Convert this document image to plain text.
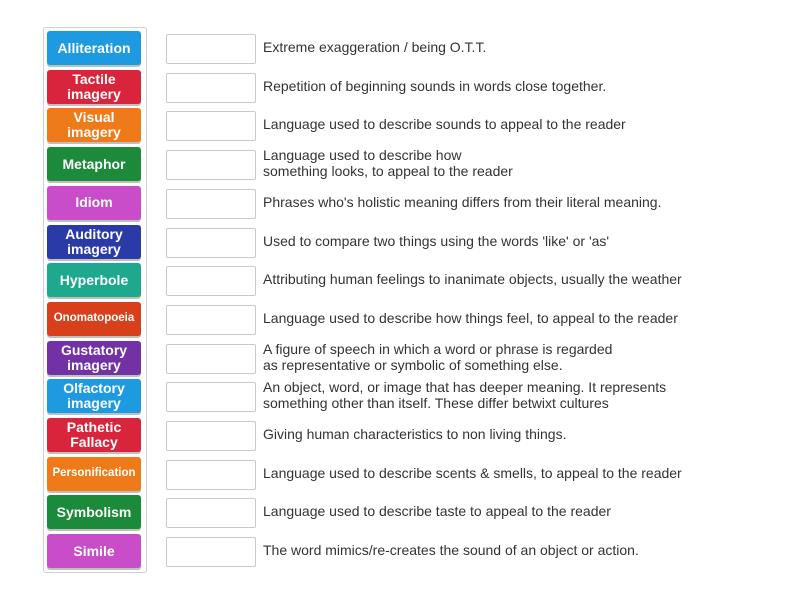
Alliteration
Tactile imagery
Visual imagery
Metaphor
Idiom
Auditory imagery
Hyperbole
Onomatopoeia
Gustatory imagery
Olfactory imagery
Pathetic Fallacy
Personification
Symbolism
Simile
Extreme exaggeration / being O.T.T.
Repetition of beginning sounds in words close together.
Language used to describe sounds to appeal to the reader
Language used to describe how
something looks, to appeal to the reader
Phrases who's holistic meaning differs from their literal meaning.
Used to compare two things using the words 'like' or 'as'
Attributing human feelings to inanimate objects, usually the weather
Language used to describe how things feel, to appeal to the reader
A figure of speech in which a word or phrase is regarded
as representative or symbolic of something else.
An object, word, or image that has deeper meaning. It represents
something other than itself. These differ betwixt cultures
Giving human characteristics to non living things.
Language used to describe scents & smells, to appeal to the reader
Language used to describe taste to appeal to the reader
The word mimics/re-creates the sound of an object or action.
